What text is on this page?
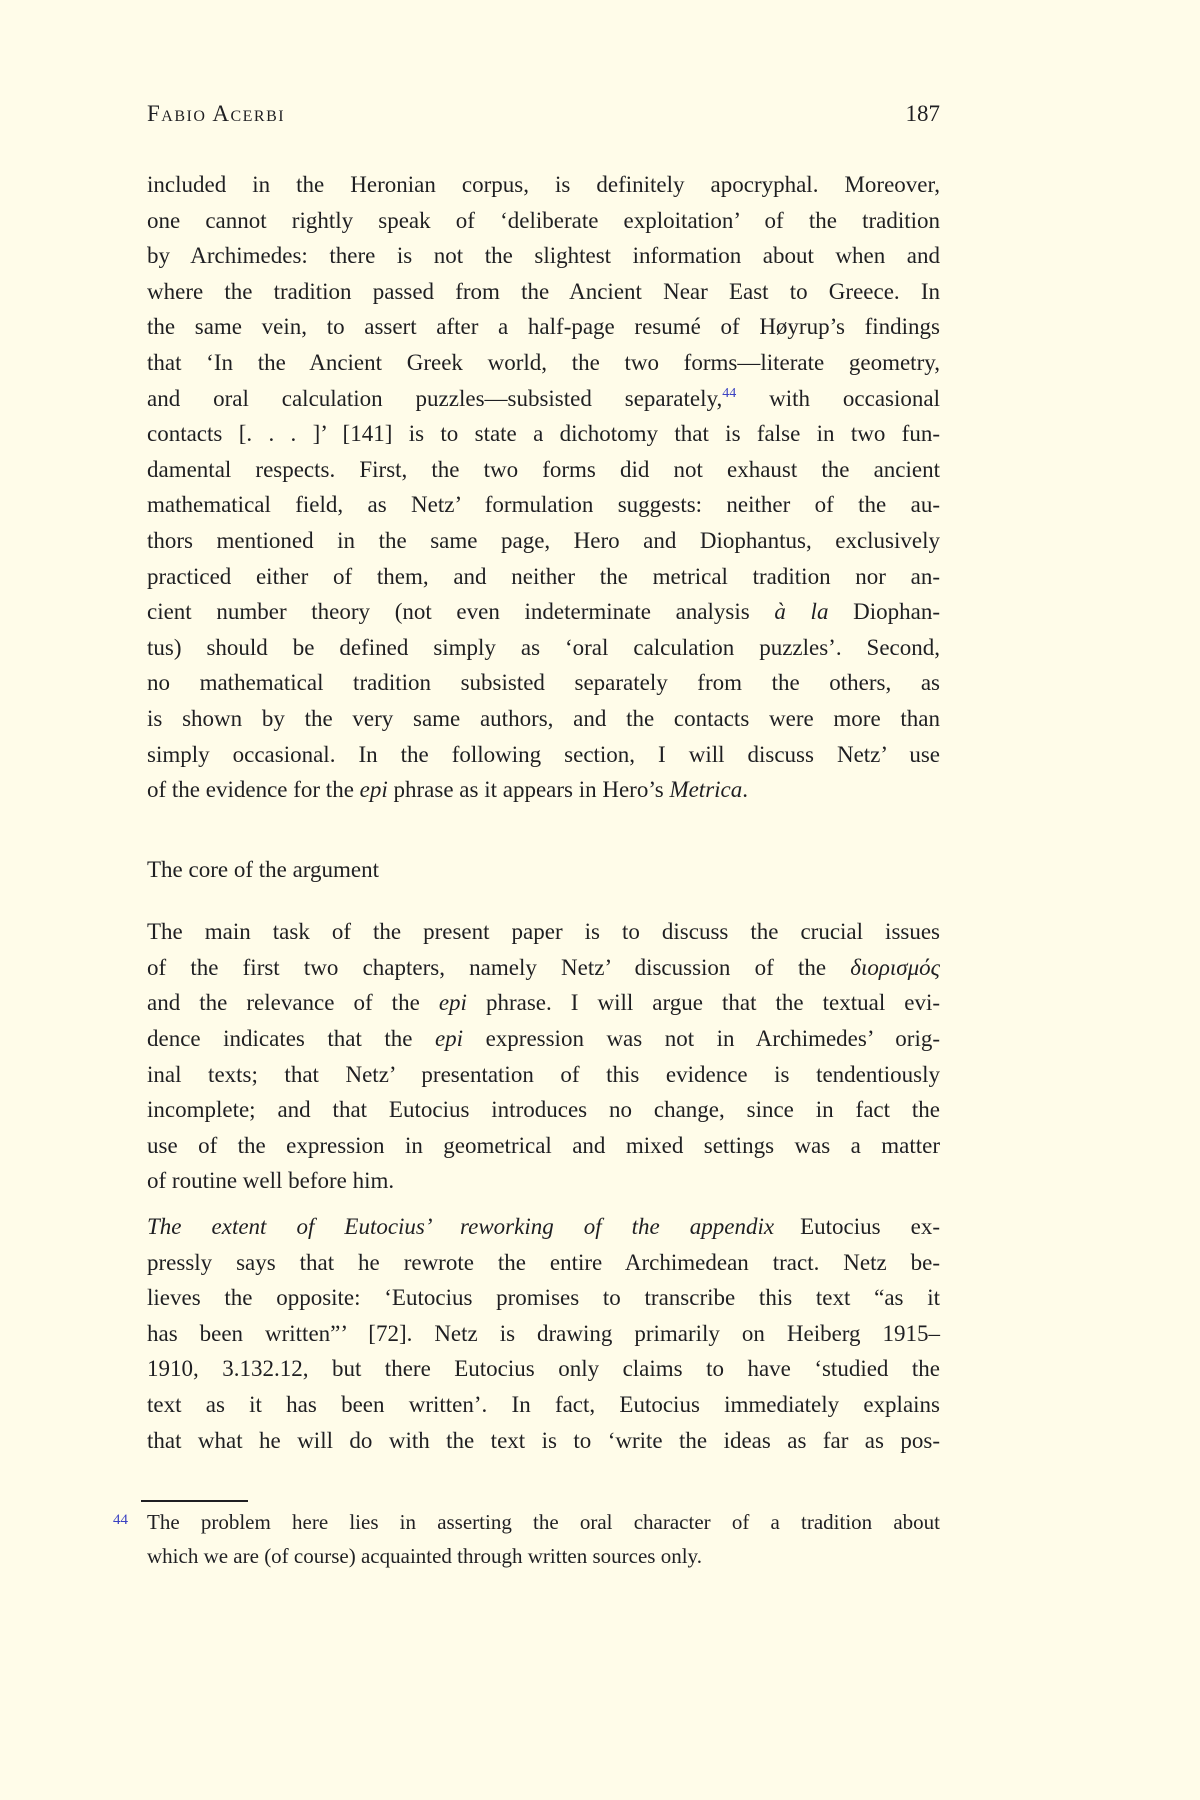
Fabio Acerbi	187
included in the Heronian corpus, is definitely apocryphal. Moreover,
one cannot rightly speak of ‘deliberate exploitation’ of the tradition
by Archimedes: there is not the slightest information about when and
where the tradition passed from the Ancient Near East to Greece. In
the same vein, to assert after a half-page resumé of Høyrup’s findings
that ‘In the Ancient Greek world, the two forms—literate geometry,
and oral calculation puzzles—subsisted separately,$^{44}$ with occasional
contacts [. . . ]’ [141] is to state a dichotomy that is false in two fun-
damental respects. First, the two forms did not exhaust the ancient
mathematical field, as Netz’ formulation suggests: neither of the au-
thors mentioned in the same page, Hero and Diophantus, exclusively
practiced either of them, and neither the metrical tradition nor an-
cient number theory (not even indeterminate analysis à la Diophan-
tus) should be defined simply as ‘oral calculation puzzles’. Second,
no mathematical tradition subsisted separately from the others, as
is shown by the very same authors, and the contacts were more than
simply occasional. In the following section, I will discuss Netz’ use
of the evidence for the epi phrase as it appears in Hero’s Metrica.
The core of the argument
The main task of the present paper is to discuss the crucial issues
of the first two chapters, namely Netz’ discussion of the διορισμός
and the relevance of the epi phrase. I will argue that the textual evi-
dence indicates that the epi expression was not in Archimedes’ orig-
inal texts; that Netz’ presentation of this evidence is tendentiously
incomplete; and that Eutocius introduces no change, since in fact the
use of the expression in geometrical and mixed settings was a matter
of routine well before him.
The extent of Eutocius’ reworking of the appendix Eutocius ex-
pressly says that he rewrote the entire Archimedean tract. Netz be-
lieves the opposite: ‘Eutocius promises to transcribe this text “as it
has been written”’ [72]. Netz is drawing primarily on Heiberg 1915–
1910, 3.132.12, but there Eutocius only claims to have ‘studied the
text as it has been written’. In fact, Eutocius immediately explains
that what he will do with the text is to ‘write the ideas as far as pos-
44 The problem here lies in asserting the oral character of a tradition about
which we are (of course) acquainted through written sources only.
